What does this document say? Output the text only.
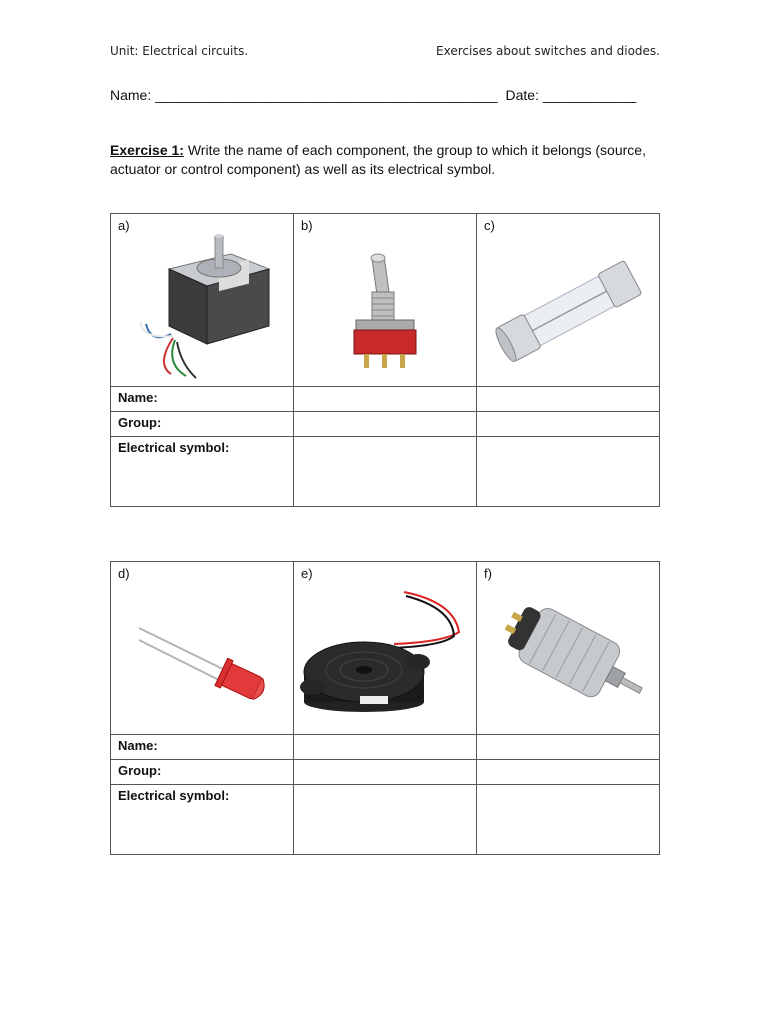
Unit: Electrical circuits.	Exercises about switches and diodes.
Name: ____________________________________________  Date: ____________
Exercise 1: Write the name of each component, the group to which it belongs (source, actuator or control component) as well as its electrical symbol.
a)	b)	c)

Name:		
Group:		
Electrical symbol:		
d)	e)	f)

Name:		
Group:		
Electrical symbol:		
